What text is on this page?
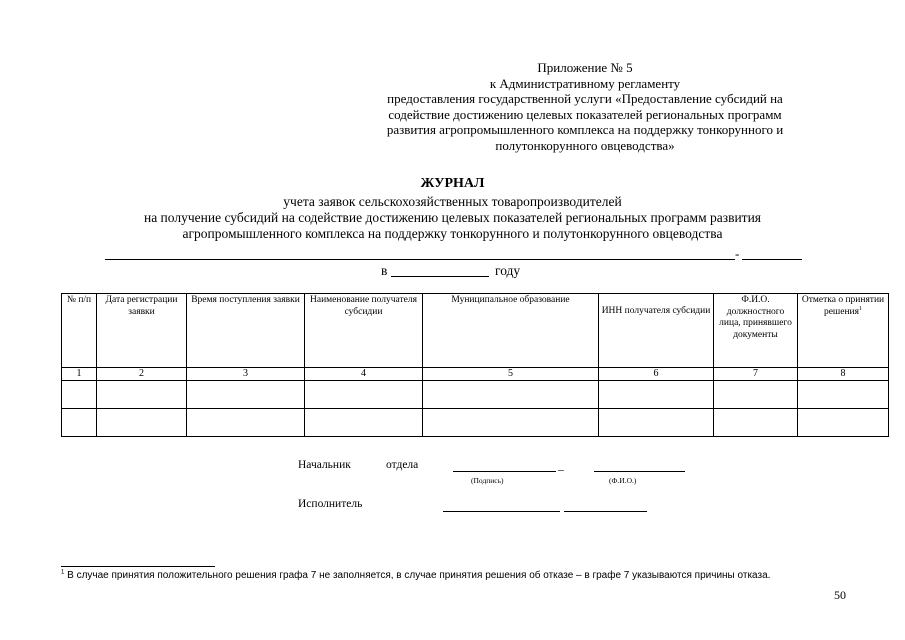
Приложение № 5
к Административному регламенту
предоставления государственной услуги «Предоставление субсидий на
содействие достижению целевых показателей региональных программ
развития агропромышленного комплекса на поддержку тонкорунного и
полутонкорунного овцеводства»
ЖУРНАЛ
учета заявок сельскохозяйственных товаропроизводителей
на получение субсидий на содействие достижению целевых показателей региональных программ развития
агропромышленного комплекса на поддержку тонкорунного и полутонкорунного овцеводства
-
в	году
№ п/п	Дата регистрации заявки	Время поступления заявки	Наименование получателя субсидии	Муниципальное образование	ИНН получателя субсидии	Ф.И.О. должностного лица, принявшего документы	Отметка о принятии решения$^1$
1	2	3	4	5	6	7	8

Начальник	отдела	_
(Подпись)	(Ф.И.О.)
Исполнитель
$^1$ В случае принятия положительного решения графа 7 не заполняется, в случае принятия решения об отказе – в графе 7 указываются причины отказа.
50
